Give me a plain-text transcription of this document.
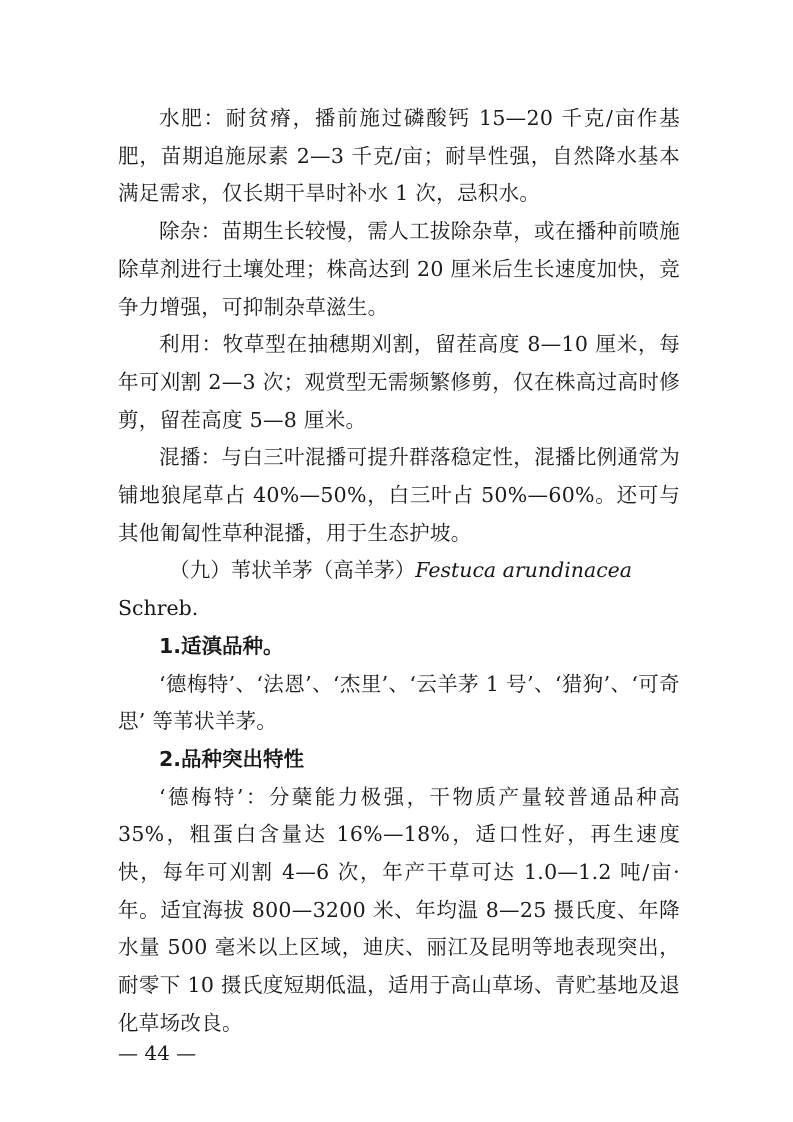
水肥：耐贫瘠，播前施过磷酸钙 15—20 千克/亩作基肥，苗期追施尿素 2—3 千克/亩；耐旱性强，自然降水基本满足需求，仅长期干旱时补水 1 次，忌积水。

除杂：苗期生长较慢，需人工拔除杂草，或在播种前喷施除草剂进行土壤处理；株高达到 20 厘米后生长速度加快，竞争力增强，可抑制杂草滋生。

利用：牧草型在抽穗期刈割，留茬高度 8—10 厘米，每年可刈割 2—3 次；观赏型无需频繁修剪，仅在株高过高时修剪，留茬高度 5—8 厘米。

混播：与白三叶混播可提升群落稳定性，混播比例通常为铺地狼尾草占 40%—50%，白三叶占 50%—60%。还可与其他匍匐性草种混播，用于生态护坡。

（九）苇状羊茅（高羊茅）Festuca arundinacea Schreb.

1.适滇品种。

‘德梅特’、‘法恩’、‘杰里’、‘云羊茅 1 号’、‘猎狗’、‘可奇思’ 等苇状羊茅。

2.品种突出特性

‘德梅特’：分蘖能力极强，干物质产量较普通品种高 35%，粗蛋白含量达 16%—18%，适口性好，再生速度快，每年可刈割 4—6 次，年产干草可达 1.0—1.2 吨/亩·年。适宜海拔 800—3200 米、年均温 8—25 摄氏度、年降水量 500 毫米以上区域，迪庆、丽江及昆明等地表现突出，耐零下 10 摄氏度短期低温，适用于高山草场、青贮基地及退化草场改良。

— 44 —
